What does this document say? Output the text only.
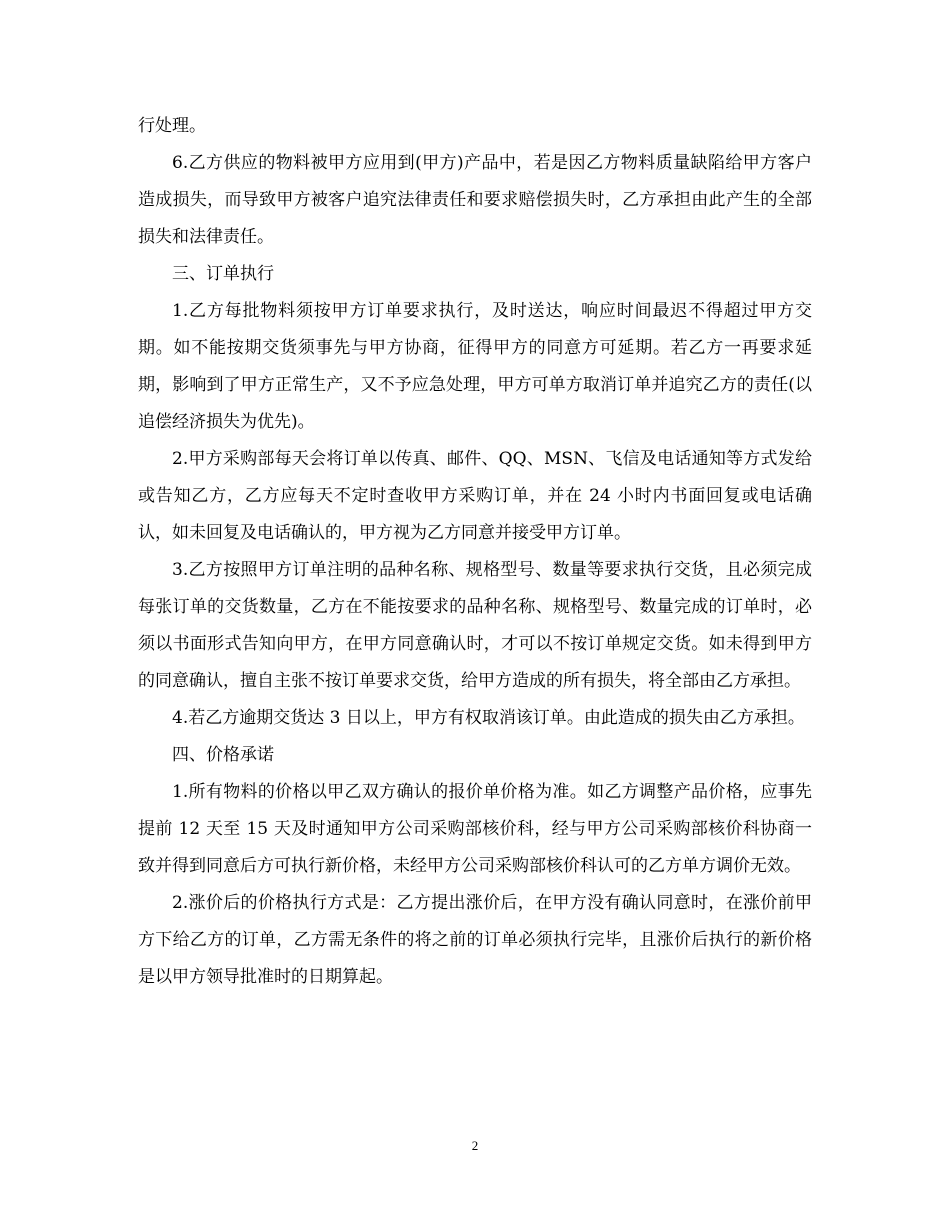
行处理。

6.乙方供应的物料被甲方应用到(甲方)产品中，若是因乙方物料质量缺陷给甲方客户造成损失，而导致甲方被客户追究法律责任和要求赔偿损失时，乙方承担由此产生的全部损失和法律责任。

三、订单执行

1.乙方每批物料须按甲方订单要求执行，及时送达，响应时间最迟不得超过甲方交期。如不能按期交货须事先与甲方协商，征得甲方的同意方可延期。若乙方一再要求延期，影响到了甲方正常生产，又不予应急处理，甲方可单方取消订单并追究乙方的责任(以追偿经济损失为优先)。

2.甲方采购部每天会将订单以传真、邮件、QQ、MSN、飞信及电话通知等方式发给或告知乙方，乙方应每天不定时查收甲方采购订单，并在 24 小时内书面回复或电话确认，如未回复及电话确认的，甲方视为乙方同意并接受甲方订单。

3.乙方按照甲方订单注明的品种名称、规格型号、数量等要求执行交货，且必须完成每张订单的交货数量，乙方在不能按要求的品种名称、规格型号、数量完成的订单时，必须以书面形式告知向甲方，在甲方同意确认时，才可以不按订单规定交货。如未得到甲方的同意确认，擅自主张不按订单要求交货，给甲方造成的所有损失，将全部由乙方承担。

4.若乙方逾期交货达 3 日以上，甲方有权取消该订单。由此造成的损失由乙方承担。

四、价格承诺

1.所有物料的价格以甲乙双方确认的报价单价格为准。如乙方调整产品价格，应事先提前 12 天至 15 天及时通知甲方公司采购部核价科，经与甲方公司采购部核价科协商一致并得到同意后方可执行新价格，未经甲方公司采购部核价科认可的乙方单方调价无效。

2.涨价后的价格执行方式是：乙方提出涨价后，在甲方没有确认同意时，在涨价前甲方下给乙方的订单，乙方需无条件的将之前的订单必须执行完毕，且涨价后执行的新价格是以甲方领导批准时的日期算起。

2
